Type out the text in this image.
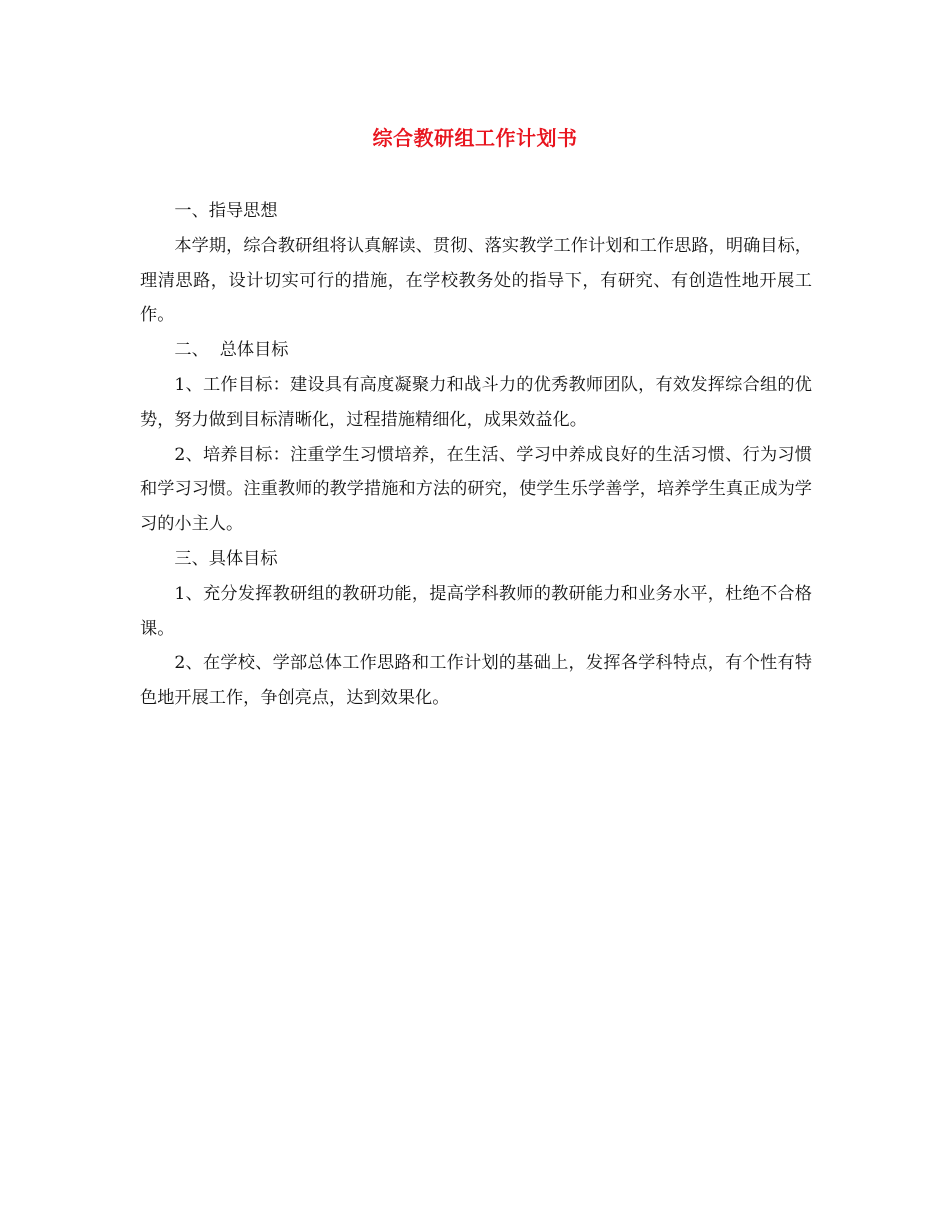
综合教研组工作计划书

一、指导思想

本学期，综合教研组将认真解读、贯彻、落实教学工作计划和工作思路，明确目标，理清思路，设计切实可行的措施，在学校教务处的指导下，有研究、有创造性地开展工作。

二、  总体目标

1、工作目标：建设具有高度凝聚力和战斗力的优秀教师团队，有效发挥综合组的优势，努力做到目标清晰化，过程措施精细化，成果效益化。

2、培养目标：注重学生习惯培养，在生活、学习中养成良好的生活习惯、行为习惯和学习习惯。注重教师的教学措施和方法的研究，使学生乐学善学，培养学生真正成为学习的小主人。

三、具体目标

1、充分发挥教研组的教研功能，提高学科教师的教研能力和业务水平，杜绝不合格课。

2、在学校、学部总体工作思路和工作计划的基础上，发挥各学科特点，有个性有特色地开展工作，争创亮点，达到效果化。
